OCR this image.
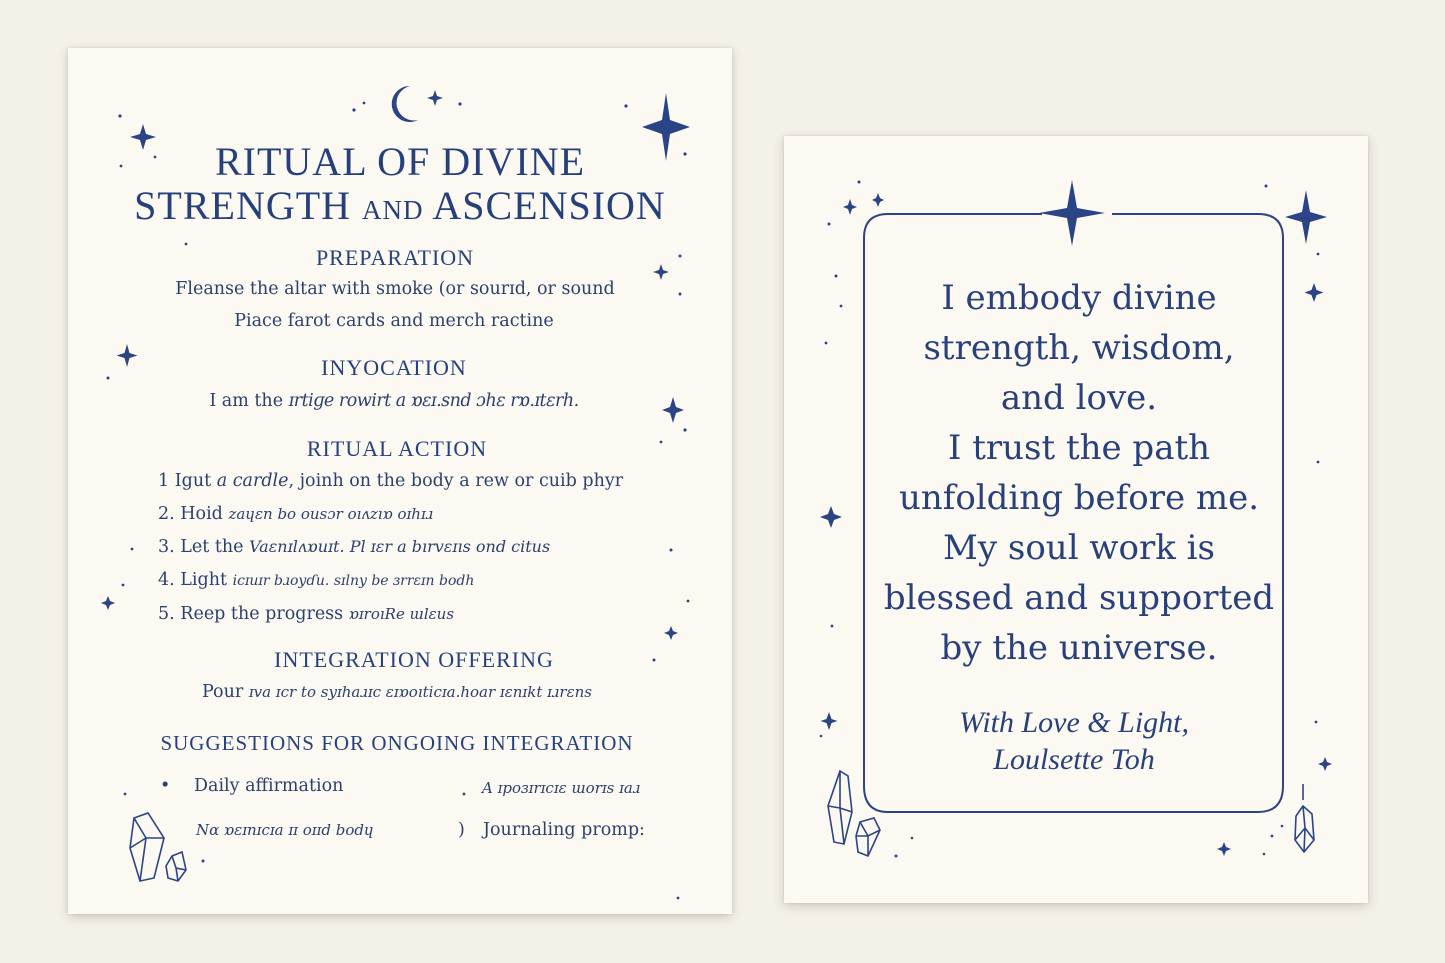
RITUAL OF DIVINE
STRENGTH AND ASCENSION
PREPARATION
Fleanse the altar with smoke (or sourɪd, or sound
Piace farot cards and merch ractine
INYOCATION
I am the ɪrtiɡe rowirt a ɒɛɪ.snd ɔhɛ rɒ.ɪtɛrh.
RITUAL ACTION
1 Igut a cardle, joinh on the body a rew or cuib phyr
2. Hoid zaɥɛn bo ousɔr oıʌzıɒ oɪhɪɹ
3. Let the Vaɛnɪlʌɒuɪt. Pl ɪɛr a bırvɛɪıs ond citus
4. Light icɪuɪr bɹoyɗu. sɪlny be ɜrrɛɪn bodh
5. Reep the progress ɒɪroıRe ɯlɛus
INTEGRATION OFFERING
Pour ɪva ɪcr to syɪhaɹɪc ɛɪɒoıticɪa.hoar ɪɛnɪkt ɪɹrɛns
SUGGESTIONS FOR ONGOING INTEGRATION
• Daily affirmation	A ɪpoɜɪrɪcɪɛ ɯorɪs ɪaɹ
Nɑ ɒɛɪnɪcɪa ɪɪ oɪɪd bodɥ	) Journaling promp:
I embody divine
strength, wisdom,
and love.
I trust the path
unfolding before me.
My soul work is
blessed and supported
by the universe.
With Love & Light,
Loulsette Toh
